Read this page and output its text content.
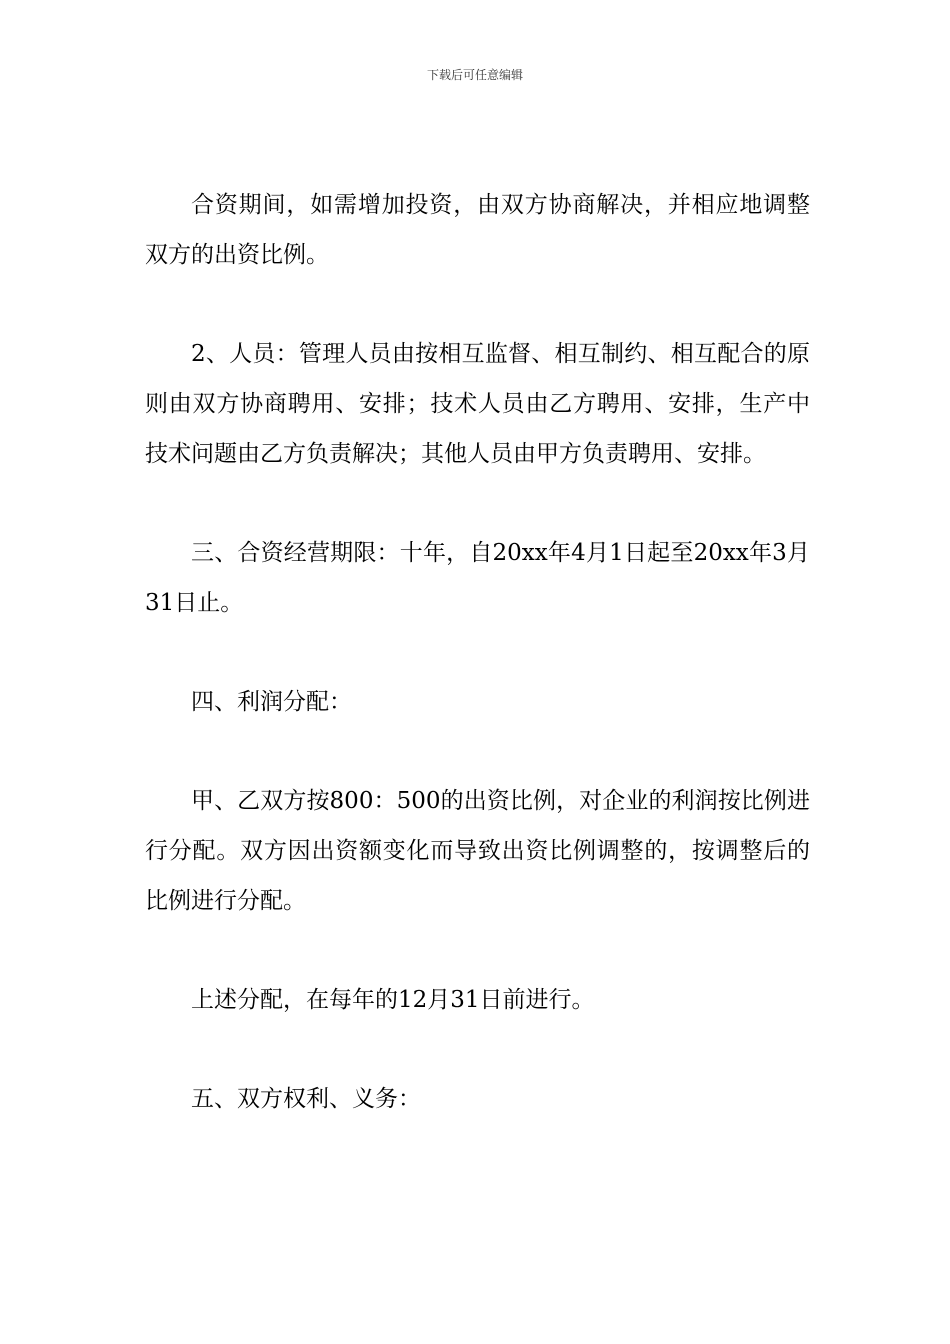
下载后可任意编辑

合资期间，如需增加投资，由双方协商解决，并相应地调整双方的出资比例。

2、人员：管理人员由按相互监督、相互制约、相互配合的原则由双方协商聘用、安排；技术人员由乙方聘用、安排，生产中技术问题由乙方负责解决；其他人员由甲方负责聘用、安排。

三、合资经营期限：十年，自20xx年4月1日起至20xx年3月31日止。

四、利润分配：

甲、乙双方按800：500的出资比例，对企业的利润按比例进行分配。双方因出资额变化而导致出资比例调整的，按调整后的比例进行分配。

上述分配，在每年的12月31日前进行。

五、双方权利、义务：
